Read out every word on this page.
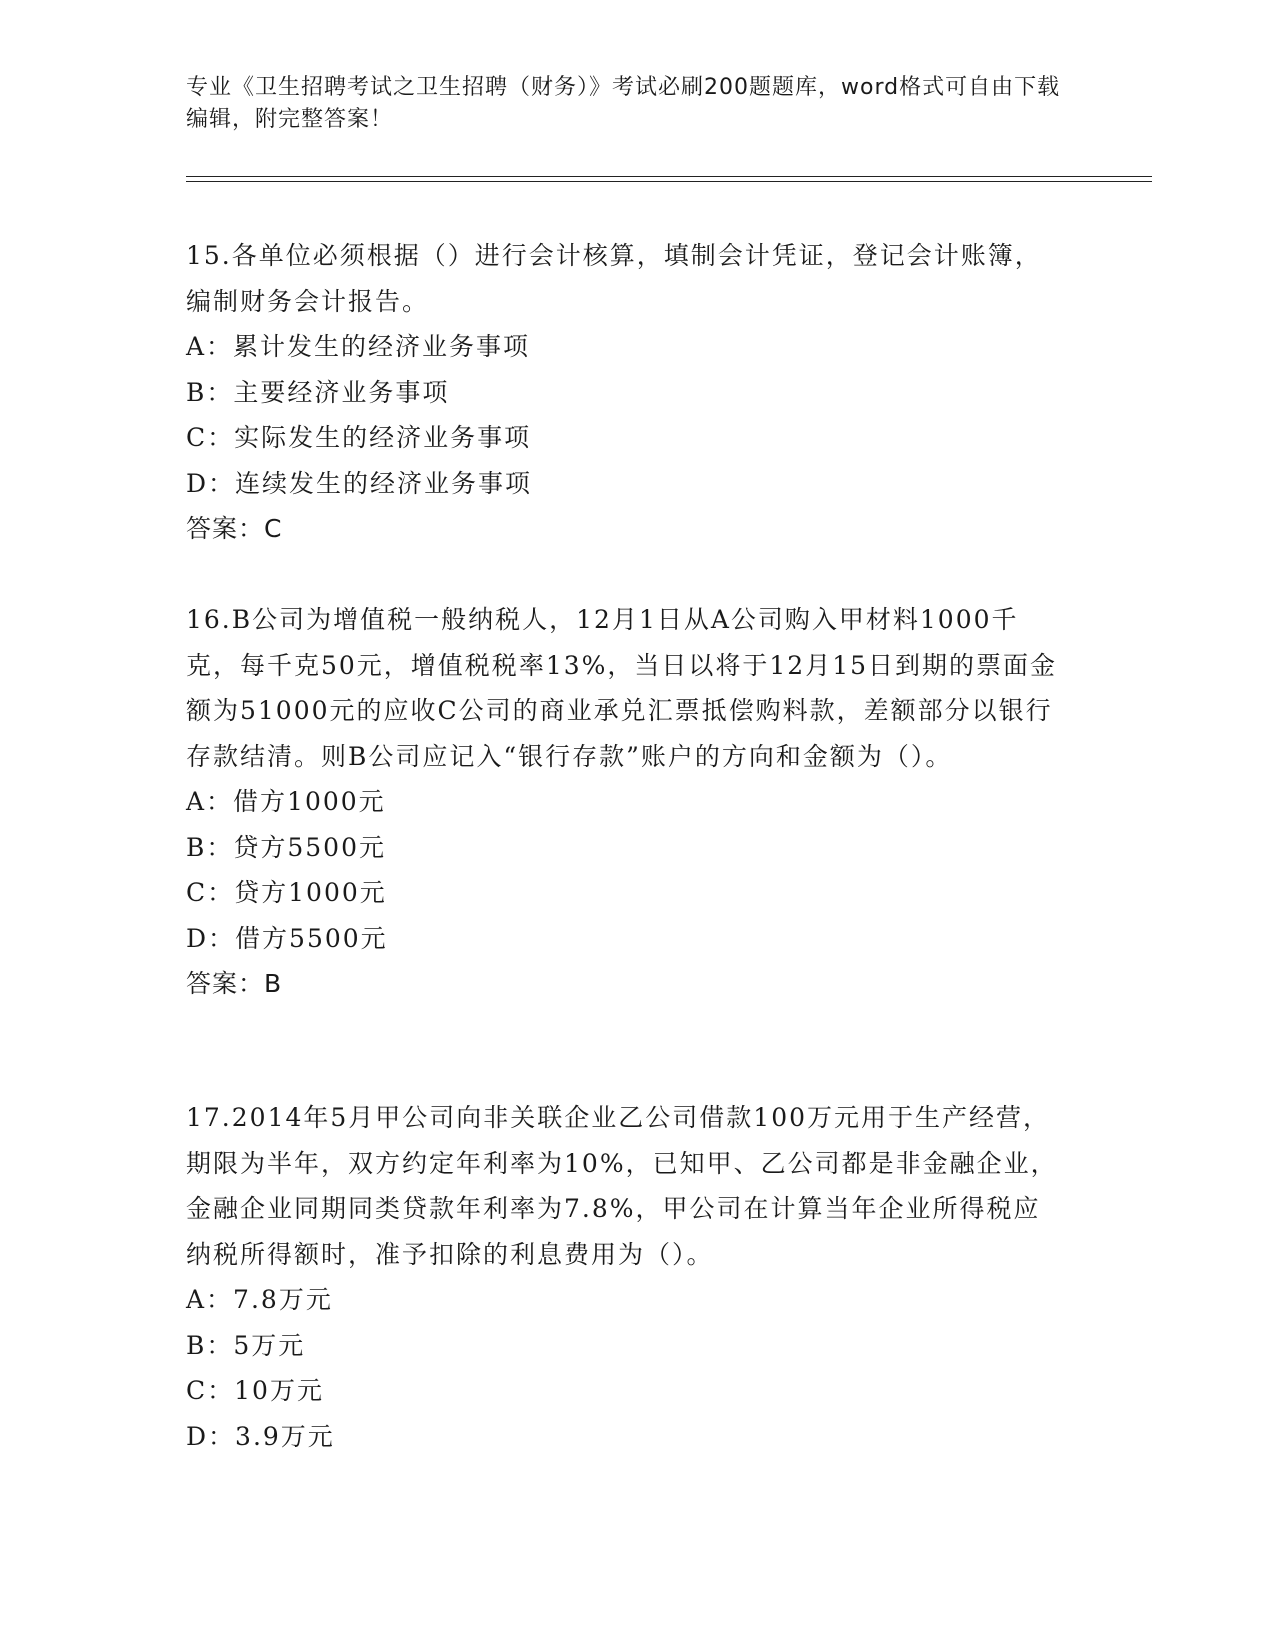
专业《卫生招聘考试之卫生招聘（财务）》考试必刷200题题库，word格式可自由下载编辑，附完整答案！
15.各单位必须根据（）进行会计核算，填制会计凭证，登记会计账簿，编制财务会计报告。
A：累计发生的经济业务事项
B：主要经济业务事项
C：实际发生的经济业务事项
D：连续发生的经济业务事项
答案：C
16.B公司为增值税一般纳税人，12月1日从A公司购入甲材料1000千克，每千克50元，增值税税率13%，当日以将于12月15日到期的票面金额为51000元的应收C公司的商业承兑汇票抵偿购料款，差额部分以银行存款结清。则B公司应记入“银行存款”账户的方向和金额为（）。
A：借方1000元
B：贷方5500元
C：贷方1000元
D：借方5500元
答案：B
17.2014年5月甲公司向非关联企业乙公司借款100万元用于生产经营，期限为半年，双方约定年利率为10%，已知甲、乙公司都是非金融企业，金融企业同期同类贷款年利率为7.8%，甲公司在计算当年企业所得税应纳税所得额时，准予扣除的利息费用为（）。
A：7.8万元
B：5万元
C：10万元
D：3.9万元
